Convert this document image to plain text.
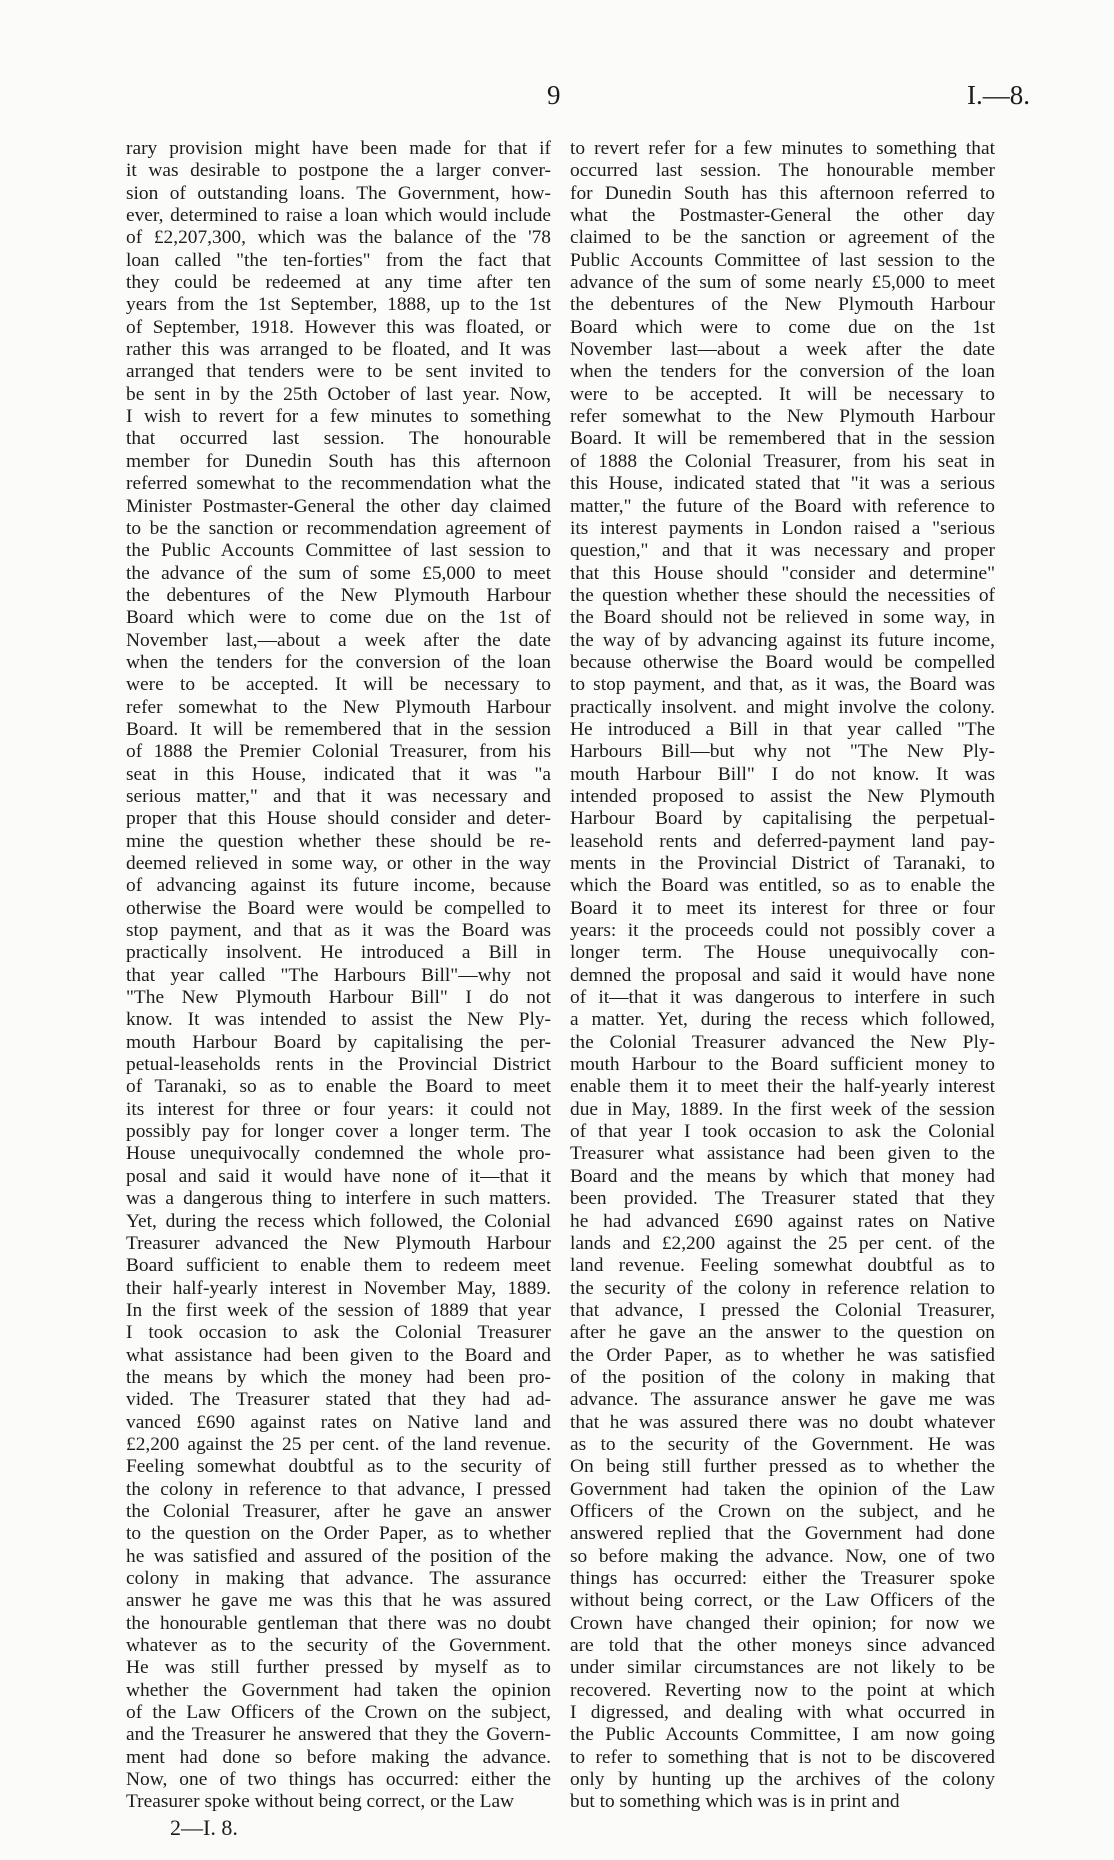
9	I.—8.

rary provision might have been made for that if

it was desirable to postpone the a larger conver-

sion of outstanding loans. The Government, how-

ever, determined to raise a loan which would include

of £2,207,300, which was the balance of the '78

loan called "the ten-forties" from the fact that

they could be redeemed at any time after ten

years from the 1st September, 1888, up to the 1st

of September, 1918. However this was floated, or

rather this was arranged to be floated, and It was

arranged that tenders were to be sent invited to

be sent in by the 25th October of last year. Now,

I wish to revert for a few minutes to something

that occurred last session. The honourable

member for Dunedin South has this afternoon

referred somewhat to the recommendation what the

Minister Postmaster-General the other day claimed

to be the sanction or recommendation agreement of

the Public Accounts Committee of last session to

the advance of the sum of some £5,000 to meet

the debentures of the New Plymouth Harbour

Board which were to come due on the 1st of

November last,—about a week after the date

when the tenders for the conversion of the loan

were to be accepted. It will be necessary to

refer somewhat to the New Plymouth Harbour

Board. It will be remembered that in the session

of 1888 the Premier Colonial Treasurer, from his

seat in this House, indicated that it was "a

serious matter," and that it was necessary and

proper that this House should consider and deter-

mine the question whether these should be re-

deemed relieved in some way, or other in the way

of advancing against its future income, because

otherwise the Board were would be compelled to

stop payment, and that as it was the Board was

practically insolvent. He introduced a Bill in

that year called "The Harbours Bill"—why not

"The New Plymouth Harbour Bill" I do not

know. It was intended to assist the New Ply-

mouth Harbour Board by capitalising the per-

petual-leaseholds rents in the Provincial District

of Taranaki, so as to enable the Board to meet

its interest for three or four years: it could not

possibly pay for longer cover a longer term. The

House unequivocally condemned the whole pro-

posal and said it would have none of it—that it

was a dangerous thing to interfere in such matters.

Yet, during the recess which followed, the Colonial

Treasurer advanced the New Plymouth Harbour

Board sufficient to enable them to redeem meet

their half-yearly interest in November May, 1889.

In the first week of the session of 1889 that year

I took occasion to ask the Colonial Treasurer

what assistance had been given to the Board and

the means by which the money had been pro-

vided. The Treasurer stated that they had ad-

vanced £690 against rates on Native land and

£2,200 against the 25 per cent. of the land revenue.

Feeling somewhat doubtful as to the security of

the colony in reference to that advance, I pressed

the Colonial Treasurer, after he gave an answer

to the question on the Order Paper, as to whether

he was satisfied and assured of the position of the

colony in making that advance. The assurance

answer he gave me was this that he was assured

the honourable gentleman that there was no doubt

whatever as to the security of the Government.

He was still further pressed by myself as to

whether the Government had taken the opinion

of the Law Officers of the Crown on the subject,

and the Treasurer he answered that they the Govern-

ment had done so before making the advance.

Now, one of two things has occurred: either the

Treasurer spoke without being correct, or the Law

to revert refer for a few minutes to something that

occurred last session. The honourable member

for Dunedin South has this afternoon referred to

what the Postmaster-General the other day

claimed to be the sanction or agreement of the

Public Accounts Committee of last session to the

advance of the sum of some nearly £5,000 to meet

the debentures of the New Plymouth Harbour

Board which were to come due on the 1st

November last—about a week after the date

when the tenders for the conversion of the loan

were to be accepted. It will be necessary to

refer somewhat to the New Plymouth Harbour

Board. It will be remembered that in the session

of 1888 the Colonial Treasurer, from his seat in

this House, indicated stated that "it was a serious

matter," the future of the Board with reference to

its interest payments in London raised a "serious

question," and that it was necessary and proper

that this House should "consider and determine"

the question whether these should the necessities of

the Board should not be relieved in some way, in

the way of by advancing against its future income,

because otherwise the Board would be compelled

to stop payment, and that, as it was, the Board was

practically insolvent. and might involve the colony.

He introduced a Bill in that year called "The

Harbours Bill—but why not "The New Ply-

mouth Harbour Bill" I do not know. It was

intended proposed to assist the New Plymouth

Harbour Board by capitalising the perpetual-

leasehold rents and deferred-payment land pay-

ments in the Provincial District of Taranaki, to

which the Board was entitled, so as to enable the

Board it to meet its interest for three or four

years: it the proceeds could not possibly cover a

longer term. The House unequivocally con-

demned the proposal and said it would have none

of it—that it was dangerous to interfere in such

a matter. Yet, during the recess which followed,

the Colonial Treasurer advanced the New Ply-

mouth Harbour to the Board sufficient money to

enable them it to meet their the half-yearly interest

due in May, 1889. In the first week of the session

of that year I took occasion to ask the Colonial

Treasurer what assistance had been given to the

Board and the means by which that money had

been provided. The Treasurer stated that they

he had advanced £690 against rates on Native

lands and £2,200 against the 25 per cent. of the

land revenue. Feeling somewhat doubtful as to

the security of the colony in reference relation to

that advance, I pressed the Colonial Treasurer,

after he gave an the answer to the question on

the Order Paper, as to whether he was satisfied

of the position of the colony in making that

advance. The assurance answer he gave me was

that he was assured there was no doubt whatever

as to the security of the Government. He was

On being still further pressed as to whether the

Government had taken the opinion of the Law

Officers of the Crown on the subject, and he

answered replied that the Government had done

so before making the advance. Now, one of two

things has occurred: either the Treasurer spoke

without being correct, or the Law Officers of the

Crown have changed their opinion; for now we

are told that the other moneys since advanced

under similar circumstances are not likely to be

recovered. Reverting now to the point at which

I digressed, and dealing with what occurred in

the Public Accounts Committee, I am now going

to refer to something that is not to be discovered

only by hunting up the archives of the colony

but to something which was is in print and

2—I. 8.
